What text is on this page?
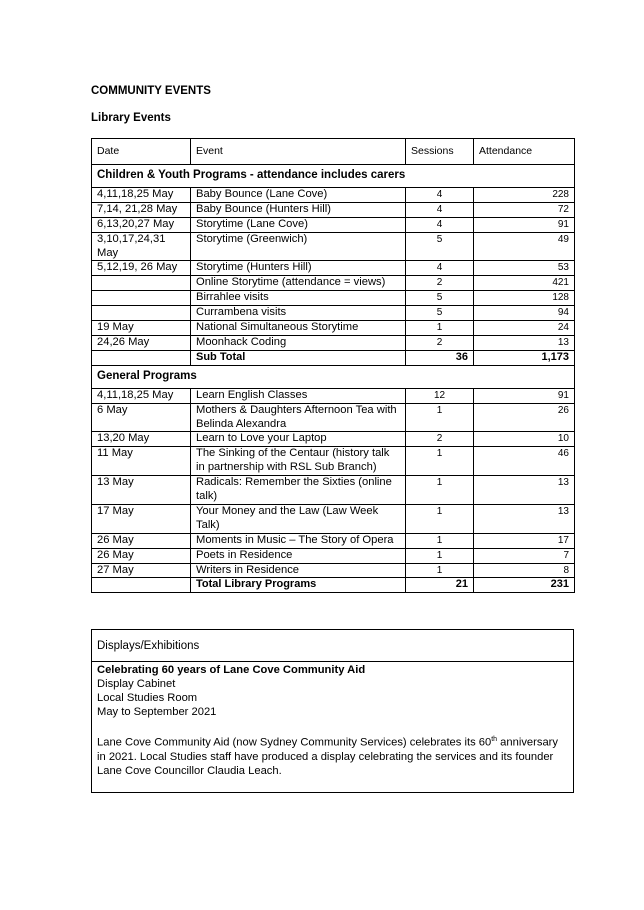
COMMUNITY EVENTS
Library Events
Date	Event	Sessions	Attendance
Children & Youth Programs - attendance includes carers			
4,11,18,25 May	Baby Bounce (Lane Cove)	4	228
7,14, 21,28 May	Baby Bounce (Hunters Hill)	4	72
6,13,20,27 May	Storytime (Lane Cove)	4	91
3,10,17,24,31 May	Storytime (Greenwich)	5	49
5,12,19, 26 May	Storytime (Hunters Hill)	4	53
	Online Storytime (attendance = views)	2	421
	Birrahlee visits	5	128
	Currambena visits	5	94
19 May	National Simultaneous Storytime	1	24
24,26 May	Moonhack Coding	2	13
	Sub Total	36	1,173
General Programs			
4,11,18,25 May	Learn English Classes	12	91
6 May	Mothers & Daughters Afternoon Tea with Belinda Alexandra	1	26
13,20 May	Learn to Love your Laptop	2	10
11 May	The Sinking of the Centaur (history talk in partnership with RSL Sub Branch)	1	46
13 May	Radicals: Remember the Sixties (online talk)	1	13
17 May	Your Money and the Law (Law Week Talk)	1	13
26 May	Moments in Music – The Story of Opera	1	17
26 May	Poets in Residence	1	7
27 May	Writers in Residence	1	8
	Total Library Programs	21	231
Displays/Exhibitions
Celebrating 60 years of Lane Cove Community Aid
Display Cabinet
Local Studies Room
May to September 2021
Lane Cove Community Aid (now Sydney Community Services) celebrates its 60th anniversary in 2021. Local Studies staff have produced a display celebrating the services and its founder Lane Cove Councillor Claudia Leach.
